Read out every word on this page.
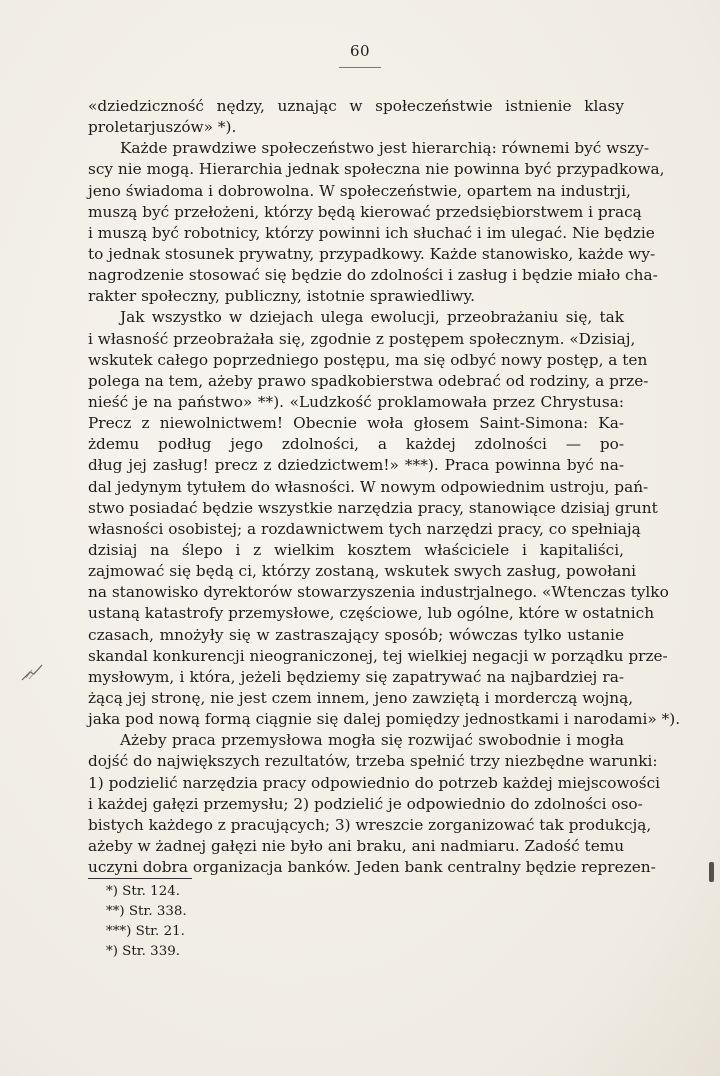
60
«dziedziczność nędzy, uznając w społeczeństwie istnienie klasy
proletarjuszów» *).
Każde prawdziwe społeczeństwo jest hierarchią: równemi być wszy-
scy nie mogą. Hierarchia jednak społeczna nie powinna być przypadkowa,
jeno świadoma i dobrowolna. W społeczeństwie, opartem na industrji,
muszą być przełożeni, którzy będą kierować przedsiębiorstwem i pracą
i muszą być robotnicy, którzy powinni ich słuchać i im ulegać. Nie będzie
to jednak stosunek prywatny, przypadkowy. Każde stanowisko, każde wy-
nagrodzenie stosować się będzie do zdolności i zasług i będzie miało cha-
rakter społeczny, publiczny, istotnie sprawiedliwy.
Jak wszystko w dziejach ulega ewolucji, przeobrażaniu się, tak
i własność przeobrażała się, zgodnie z postępem społecznym. «Dzisiaj,
wskutek całego poprzedniego postępu, ma się odbyć nowy postęp, a ten
polega na tem, ażeby prawo spadkobierstwa odebrać od rodziny, a prze-
nieść je na państwo» **). «Ludzkość proklamowała przez Chrystusa:
Precz z niewolnictwem! Obecnie woła głosem Saint-Simona: Ka-
żdemu podług jego zdolności, a każdej zdolności — po-
dług jej zasług! precz z dziedzictwem!» ***). Praca powinna być na-
dal jedynym tytułem do własności. W nowym odpowiednim ustroju, pań-
stwo posiadać będzie wszystkie narzędzia pracy, stanowiące dzisiaj grunt
własności osobistej; a rozdawnictwem tych narzędzi pracy, co spełniają
dzisiaj na ślepo i z wielkim kosztem właściciele i kapitaliści,
zajmować się będą ci, którzy zostaną, wskutek swych zasług, powołani
na stanowisko dyrektorów stowarzyszenia industrjalnego. «Wtenczas tylko
ustaną katastrofy przemysłowe, częściowe, lub ogólne, które w ostatnich
czasach, mnożyły się w zastraszający sposób; wówczas tylko ustanie
skandal konkurencji nieograniczonej, tej wielkiej negacji w porządku prze-
mysłowym, i która, jeżeli będziemy się zapatrywać na najbardziej ra-
żącą jej stronę, nie jest czem innem, jeno zawziętą i morderczą wojną,
jaka pod nową formą ciągnie się dalej pomiędzy jednostkami i narodami» *).
Ażeby praca przemysłowa mogła się rozwijać swobodnie i mogła
dojść do największych rezultatów, trzeba spełnić trzy niezbędne warunki:
1) podzielić narzędzia pracy odpowiednio do potrzeb każdej miejscowości
i każdej gałęzi przemysłu; 2) podzielić je odpowiednio do zdolności oso-
bistych każdego z pracujących; 3) wreszcie zorganizować tak produkcją,
ażeby w żadnej gałęzi nie było ani braku, ani nadmiaru. Zadość temu
uczyni dobra organizacja banków. Jeden bank centralny będzie reprezen-
*) Str. 124.
**) Str. 338.
***) Str. 21.
*) Str. 339.
